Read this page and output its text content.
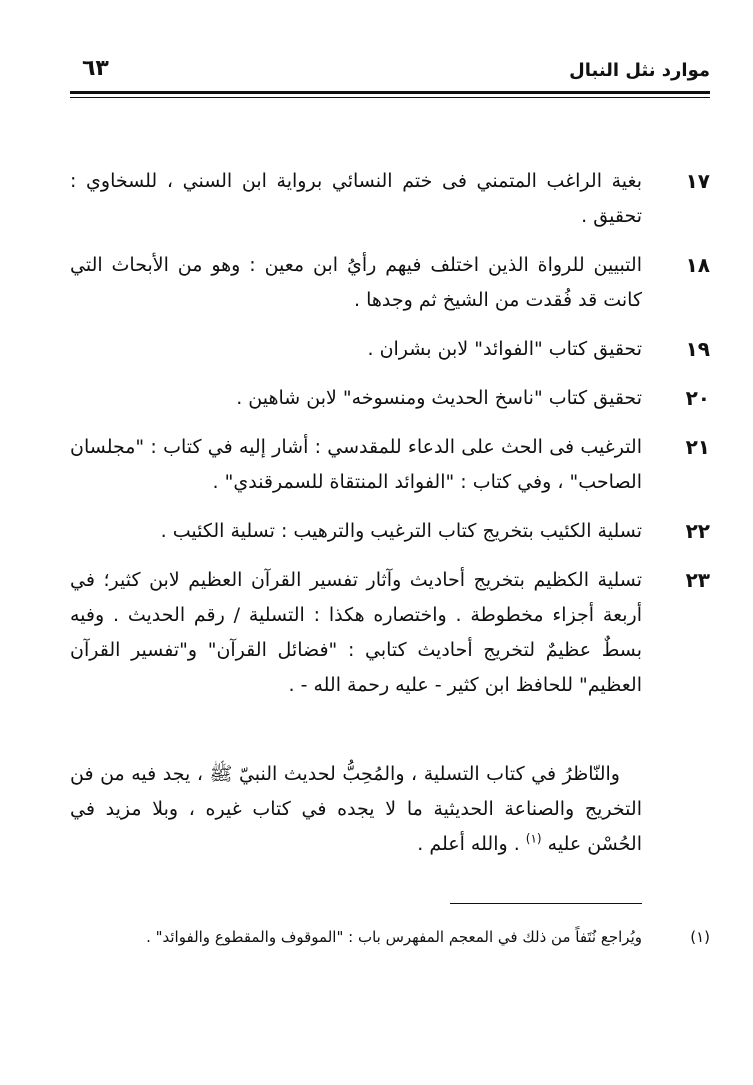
موارد نثل النبال
٦٣
١٧
بغية الراغب المتمني فى ختم النسائي برواية ابن السني ، للسخاوي : تحقيق .
١٨
التبيين للرواة الذين اختلف فيهم رأيُ ابن معين : وهو من الأبحاث التي كانت قد فُقدت من الشيخ ثم وجدها .
١٩
تحقيق كتاب "الفوائد" لابن بشران .
٢٠
تحقيق كتاب "ناسخ الحديث ومنسوخه" لابن شاهين .
٢١
الترغيب فى الحث على الدعاء للمقدسي : أشار إليه في كتاب : "مجلسان الصاحب" ، وفي كتاب : "الفوائد المنتقاة للسمرقندي" .
٢٢
تسلية الكئيب بتخريج كتاب الترغيب والترهيب : تسلية الكئيب .
٢٣
تسلية الكظيم بتخريج أحاديث وآثار تفسير القرآن العظيم لابن كثير؛ في أربعة أجزاء مخطوطة . واختصاره هكذا : التسلية / رقم الحديث . وفيه بسطٌ عظيمٌ لتخريج أحاديث كتابي : "فضائل القرآن" و"تفسير القرآن العظيم" للحافظ ابن كثير - عليه رحمة الله - .

والنّاظرُ في كتاب التسلية ، والمُحِبُّ لحديث النبيّ ﷺ ، يجد فيه من فن التخريج والصناعة الحديثية ما لا يجده في كتاب غيره ، وبلا مزيد في الحُسْن عليه $^{(١)}$ . والله أعلم .

(١)
ويُراجع نُتَفاً من ذلك في المعجم المفهرس باب : "الموقوف والمقطوع والفوائد" .
